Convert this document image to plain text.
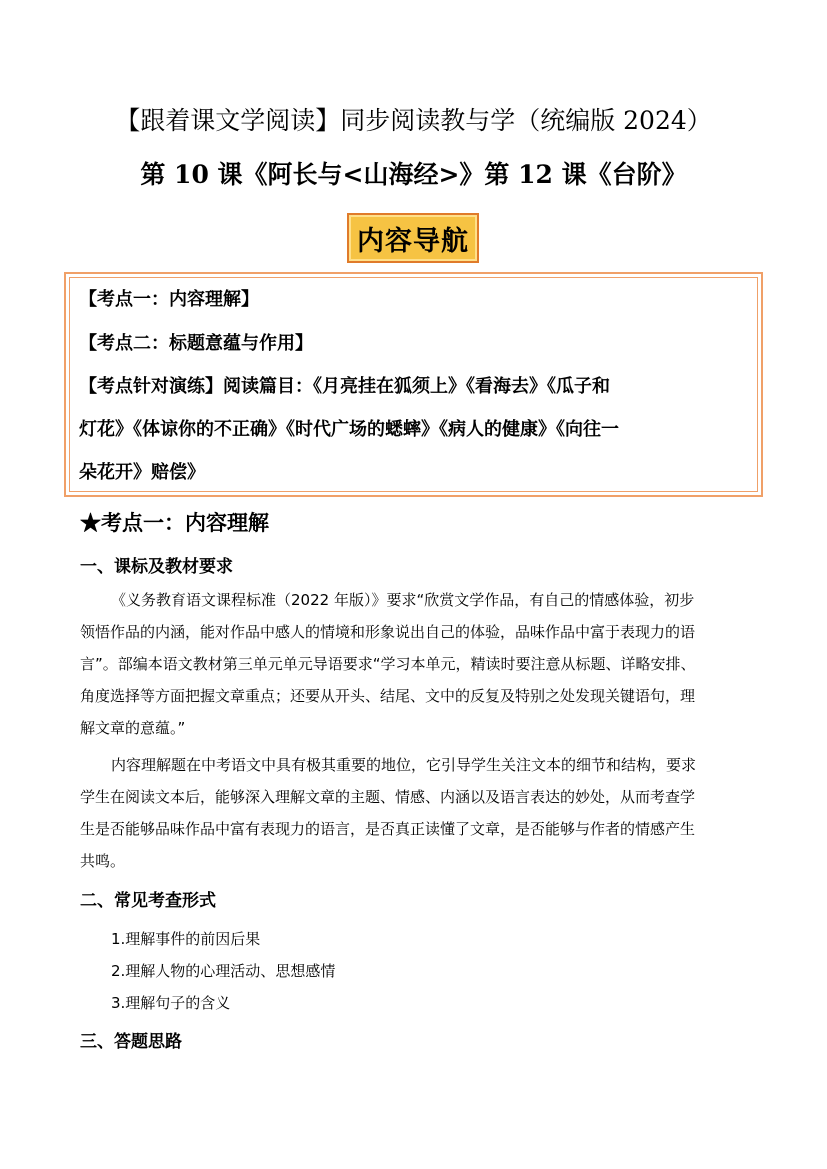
【跟着课文学阅读】同步阅读教与学（统编版 2024）
第 10 课《阿长与<山海经>》第 12 课《台阶》
内容导航
【考点一：内容理解】
【考点二：标题意蕴与作用】
【考点针对演练】阅读篇目：《月亮挂在狐须上》《看海去》《瓜子和
灯花》《体谅你的不正确》《时代广场的蟋蟀》《病人的健康》《向往一
朵花开》赔偿》
★考点一：内容理解
一、课标及教材要求
《义务教育语文课程标准（2022 年版）》要求“欣赏文学作品，有自己的情感体验，初步
领悟作品的内涵，能对作品中感人的情境和形象说出自己的体验，品味作品中富于表现力的语
言”。部编本语文教材第三单元单元导语要求“学习本单元，精读时要注意从标题、详略安排、
角度选择等方面把握文章重点；还要从开头、结尾、文中的反复及特别之处发现关键语句，理
解文章的意蕴。”
内容理解题在中考语文中具有极其重要的地位，它引导学生关注文本的细节和结构，要求
学生在阅读文本后，能够深入理解文章的主题、情感、内涵以及语言表达的妙处，从而考查学
生是否能够品味作品中富有表现力的语言，是否真正读懂了文章，是否能够与作者的情感产生
共鸣。
二、常见考查形式
1.理解事件的前因后果
2.理解人物的心理活动、思想感情
3.理解句子的含义
三、答题思路
